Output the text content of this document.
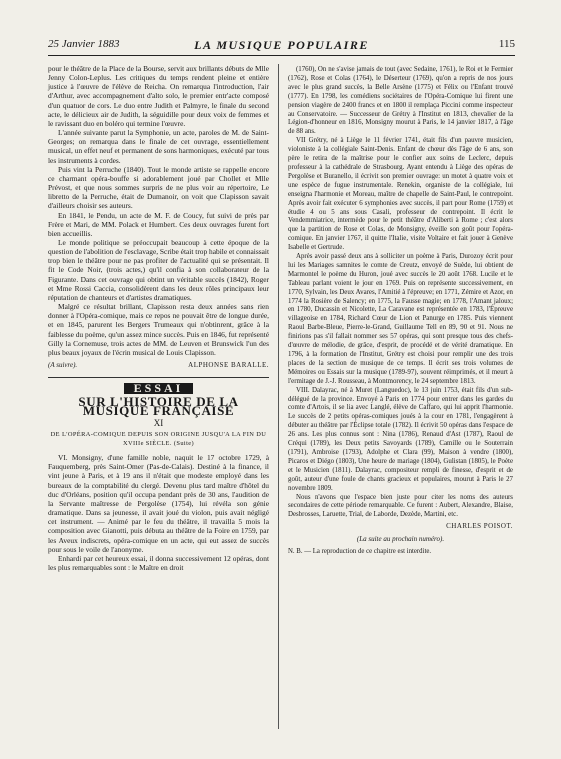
25 Janvier 1883	LA MUSIQUE POPULAIRE	115

pour le théâtre de la Place de la Bourse, servit aux brillants débuts de Mlle Jenny Colon-Leplus. Les critiques du temps rendent pleine et entière justice à l'œuvre de l'élève de Reicha. On remarqua l'introduction, l'air d'Arthur, avec accompagnement d'alto solo, le premier entr'acte composé d'un quatuor de cors. Le duo entre Judith et Palmyre, le finale du second acte, le délicieux air de Judith, la séguidille pour deux voix de femmes et le ravissant duo en boléro qui termine l'œuvre.

L'année suivante parut la Symphonie, un acte, paroles de M. de Saint-Georges; on remarqua dans le finale de cet ouvrage, essentiellement musical, un effet neuf et permanent de sons harmoniques, exécuté par tous les instruments à cordes.

Puis vint la Perruche (1840). Tout le monde artiste se rappelle encore ce charmant opéra-bouffe si adorablement joué par Chollet et Mlle Prévost, et que nous sommes surpris de ne plus voir au répertoire, Le libretto de la Perruche, était de Dumanoir, on voit que Clapisson savait d'ailleurs choisir ses auteurs.

En 1841, le Pendu, un acte de M. F. de Coucy, fut suivi de près par Frère et Mari, de MM. Polack et Humbert. Ces deux ouvrages furent fort bien accueillis.

Le monde politique se préoccupait beaucoup à cette époque de la question de l'abolition de l'esclavage, Scribe était trop habile et connaissait trop bien le théâtre pour ne pas profiter de l'actualité qui se présentait. Il fit le Code Noir, (trois actes,) qu'il confia à son collaborateur de la Figurante. Dans cet ouvrage qui obtint un véritable succès (1842), Roger et Mme Rossi Caccia, consolidèrent dans les deux rôles principaux leur réputation de chanteurs et d'artistes dramatiques.

Malgré ce résultat brillant, Clapisson resta deux années sans rien donner à l'Opéra-comique, mais ce repos ne pouvait être de longue durée, et en 1845, parurent les Bergers Trumeaux qui n'obtinrent, grâce à la faiblesse du poème, qu'un assez mince succès. Puis en 1846, fut représenté Gilly la Cornemuse, trois actes de MM. de Leuven et Brunswick l'un des plus beaux joyaux de l'écrin musical de Louis Clapisson.

(A suivre).	ALPHONSE BARALLE.
ESSAI
SUR L'HISTOIRE DE LA MUSIQUE FRANÇAISE
XI
DE L'OPÉRA-COMIQUE DEPUIS SON ORIGINE JUSQU'A LA FIN DU XVIIIe SIÈCLE. (Suite)

VI. Monsigny, d'une famille noble, naquit le 17 octobre 1729, à Fauquemberg, près Saint-Omer (Pas-de-Calais). Destiné à la finance, il vint jeune à Paris, et à 19 ans il n'était que modeste employé dans les bureaux de la comptabilité du clergé. Devenu plus tard maître d'hôtel du duc d'Orléans, position qu'il occupa pendant près de 30 ans, l'audition de la Servante maîtresse de Pergolèse (1754), lui révéla son génie dramatique. Dans sa jeunesse, il avait joué du violon, puis avait négligé cet instrument. — Animé par le feu du théâtre, il travailla 5 mois la composition avec Gianotti, puis débuta au théâtre de la Foire en 1759, par les Aveux indiscrets, opéra-comique en un acte, qui eut assez de succès pour sous le voile de l'anonyme.

Enhardi par cet heureux essai, il donna successivement 12 opéras, dont les plus remarquables sont : le Maître en droit

(1760), On ne s'avise jamais de tout (avec Sedaine, 1761), le Roi et le Fermier (1762), Rose et Colas (1764), le Déserteur (1769), qu'on a repris de nos jours avec le plus grand succès, la Belle Arsène (1775) et Félix ou l'Enfant trouvé (1777). En 1798, les comédiens sociétaires de l'Opéra-Comique lui firent une pension viagère de 2400 francs et en 1800 il remplaça Piccini comme inspecteur au Conservatoire. — Successeur de Grétry à l'Institut en 1813, chevalier de la Légion-d'honneur en 1816, Monsigny mourut à Paris, le 14 janvier 1817, à l'âge de 88 ans.

VII Grétry, né à Liège le 11 février 1741, était fils d'un pauvre musicien, violoniste à la collégiale Saint-Denis. Enfant de chœur dès l'âge de 6 ans, son père le retira de la maîtrise pour le confier aux soins de Leclerc, depuis professeur à la cathédrale de Strasbourg. Ayant entendu à Liège des opéras de Pergolèse et Buranello, il écrivit son premier ouvrage: un motet à quatre voix et une espèce de fugue instrumentale. Renekin, organiste de la collégiale, lui enseigna l'harmonie et Moreau, maître de chapelle de Saint-Paul, le contrepoint. Après avoir fait exécuter 6 symphonies avec succès, il part pour Rome (1759) et étudie 4 ou 5 ans sous Casali, professeur de contrepoint. Il écrit le Vendemmiatrice, intermède pour le petit théâtre d'Aliberti à Rome ; c'est alors que la partition de Rose et Colas, de Monsigny, éveille son goût pour l'opéra-comique. En janvier 1767, il quitte l'Italie, visite Voltaire et fait jouer à Genève Isabelle et Gertrude.

Après avoir passé deux ans à solliciter un poème à Paris, Durozoy écrit pour lui les Mariages samnites le comte de Creutz, envoyé de Suède, lui obtient de Marmontel le poème du Huron, joué avec succès le 20 août 1768. Lucile et le Tableau parlant voient le jour en 1769. Puis on représente successivement, en 1770, Sylvain, les Deux Avares, l'Amitié à l'épreuve; en 1771, Zémire et Azor, en 1774 la Rosière de Salency; en 1775, la Fausse magie; en 1778, l'Amant jaloux; en 1780, Ducassin et Nicolette, La Caravane est représentée en 1783, l'Épreuve villageoise en 1784, Richard Cœur de Lion et Panurge en 1785. Puis viennent Raoul Barbe-Bleue, Pierre-le-Grand, Guillaume Tell en 89, 90 et 91. Nous ne finirions pas s'il fallait nommer ses 57 opéras, qui sont presque tous des chefs-d'œuvre de mélodie, de grâce, d'esprit, de procédé et de vérité dramatique. En 1796, à la formation de l'Institut, Grétry est choisi pour remplir une des trois places de la section de musique de ce temps. Il écrit ses trois volumes de Mémoires ou Essais sur la musique (1789-97), souvent réimprimés, et il meurt à l'ermitage de J.-J. Rousseau, à Montmorency, le 24 septembre 1813.

VIII. Dalayrac, né à Muret (Languedoc), le 13 juin 1753, était fils d'un sub-délégué de la province. Envoyé à Paris en 1774 pour entrer dans les gardes du comte d'Artois, il se lia avec Langlé, élève de Caffaro, qui lui apprit l'harmonie. Le succès de 2 petits opéras-comiques joués à la cour en 1781, l'engagèrent à débuter au théâtre par l'Éclipse totale (1782). Il écrivit 50 opéras dans l'espace de 26 ans. Les plus connus sont : Nina (1786), Renaud d'Ast (1787), Raoul de Créqui (1789), les Deux petits Savoyards (1789), Camille ou le Souterrain (1791), Ambroise (1793), Adolphe et Clara (99), Maison à vendre (1800), Picaros et Diégo (1803), Une heure de mariage (1804), Gulistan (1805), le Poète et le Musicien (1811). Dalayrac, compositeur rempli de finesse, d'esprit et de goût, auteur d'une foule de chants gracieux et populaires, mourut à Paris le 27 novembre 1809.

Nous n'avons que l'espace bien juste pour citer les noms des auteurs secondaires de cette période remarquable. Ce furent : Aubert, Alexandre, Blaise, Desbrosses, Laruette, Trial, de Laborde, Dezède, Martini, etc.

CHARLES POISOT.
(La suite au prochain numéro).
N. B. — La reproduction de ce chapitre est interdite.
